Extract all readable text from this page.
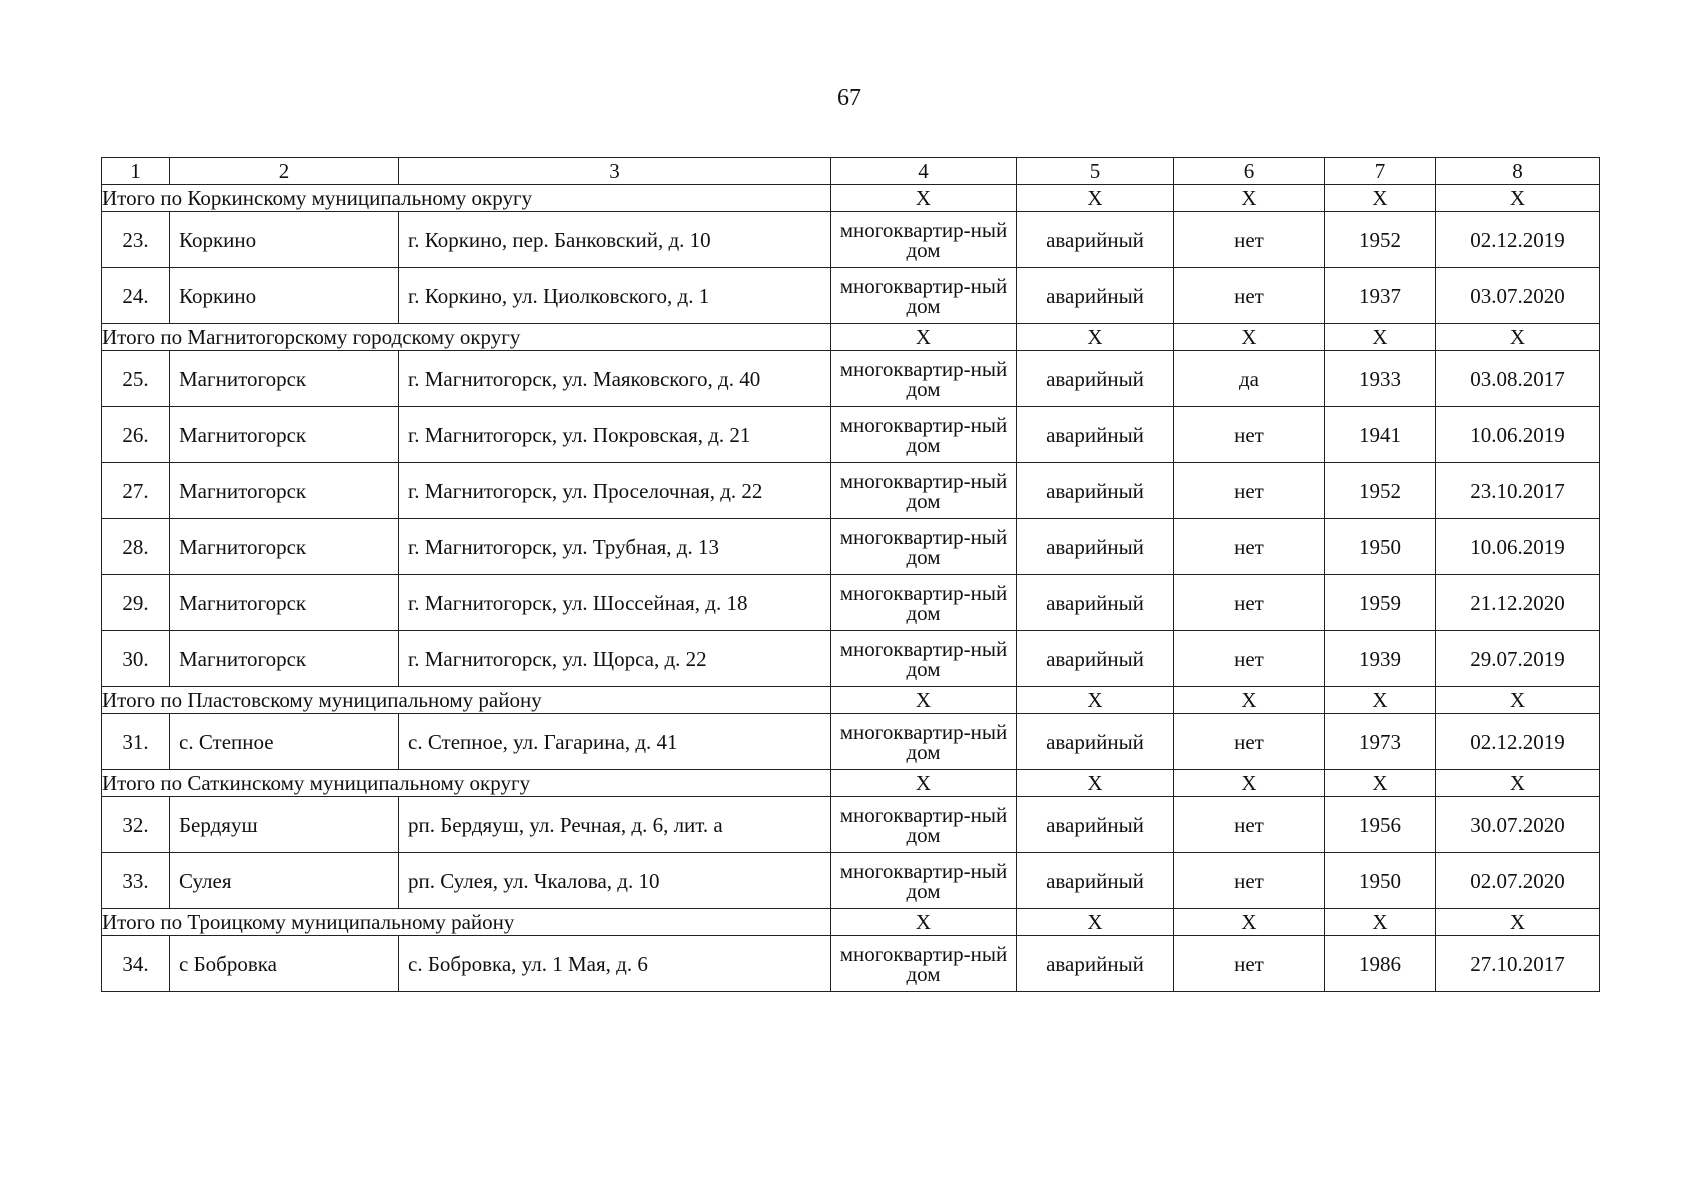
67
1	2	3	4	5	6	7	8
Итого по Коркинскому муниципальному округу			Х	Х	Х	Х	Х
23.	Коркино	г. Коркино, пер. Банковский, д. 10	многоквартир-ный дом	аварийный	нет	1952	02.12.2019
24.	Коркино	г. Коркино, ул. Циолковского, д. 1	многоквартир-ный дом	аварийный	нет	1937	03.07.2020
Итого по Магнитогорскому городскому округу			Х	Х	Х	Х	Х
25.	Магнитогорск	г. Магнитогорск, ул. Маяковского, д. 40	многоквартир-ный дом	аварийный	да	1933	03.08.2017
26.	Магнитогорск	г. Магнитогорск, ул. Покровская, д. 21	многоквартир-ный дом	аварийный	нет	1941	10.06.2019
27.	Магнитогорск	г. Магнитогорск, ул. Проселочная, д. 22	многоквартир-ный дом	аварийный	нет	1952	23.10.2017
28.	Магнитогорск	г. Магнитогорск, ул. Трубная, д. 13	многоквартир-ный дом	аварийный	нет	1950	10.06.2019
29.	Магнитогорск	г. Магнитогорск, ул. Шоссейная, д. 18	многоквартир-ный дом	аварийный	нет	1959	21.12.2020
30.	Магнитогорск	г. Магнитогорск, ул. Щорса, д. 22	многоквартир-ный дом	аварийный	нет	1939	29.07.2019
Итого по Пластовскому муниципальному району			Х	Х	Х	Х	Х
31.	с. Степное	с. Степное, ул. Гагарина, д. 41	многоквартир-ный дом	аварийный	нет	1973	02.12.2019
Итого по Саткинскому муниципальному округу			Х	Х	Х	Х	Х
32.	Бердяуш	рп. Бердяуш, ул. Речная, д. 6, лит. а	многоквартир-ный дом	аварийный	нет	1956	30.07.2020
33.	Сулея	рп. Сулея, ул. Чкалова, д. 10	многоквартир-ный дом	аварийный	нет	1950	02.07.2020
Итого по Троицкому муниципальному району			Х	Х	Х	Х	Х
34.	с Бобровка	с. Бобровка, ул. 1 Мая, д. 6	многоквартир-ный дом	аварийный	нет	1986	27.10.2017
